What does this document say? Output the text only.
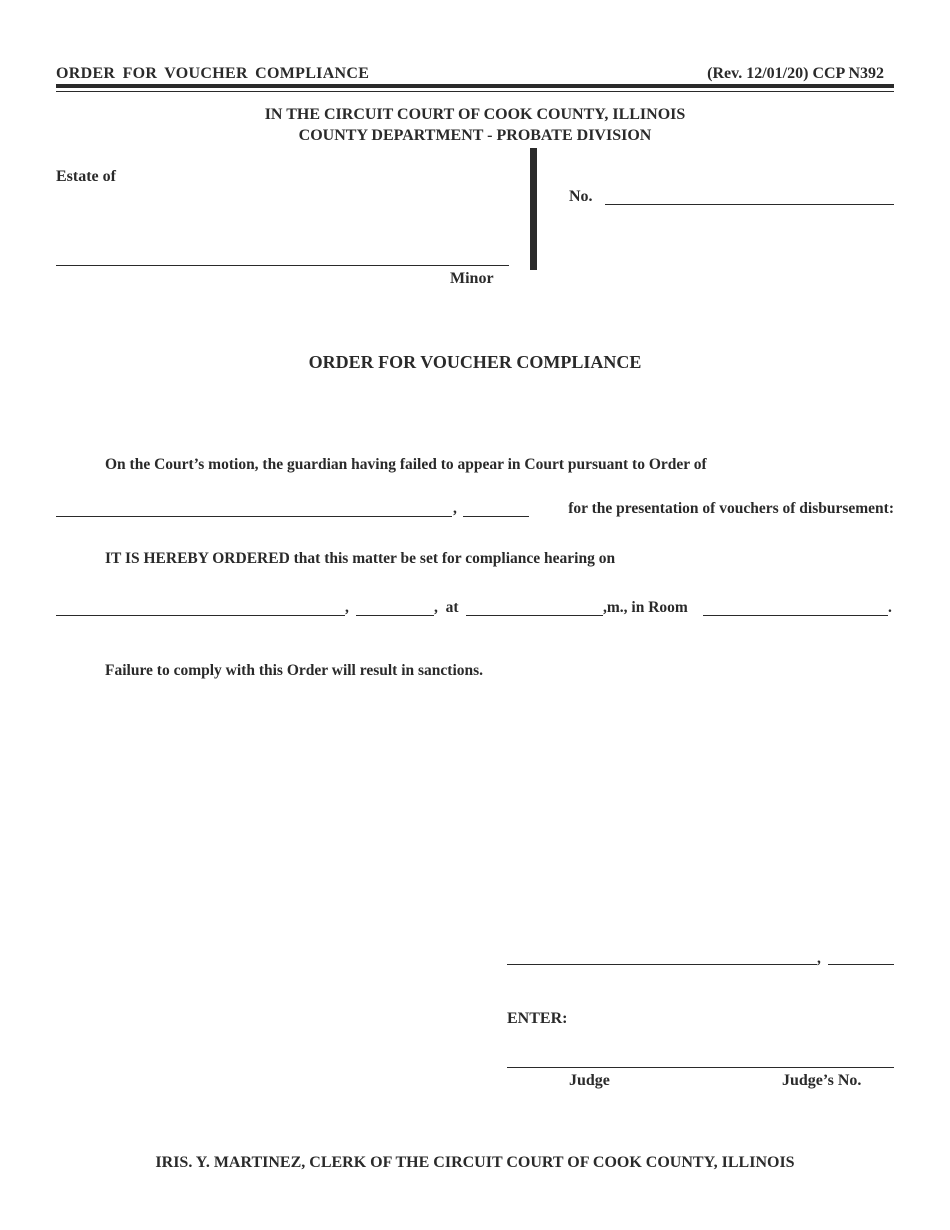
ORDER FOR VOUCHER COMPLIANCE	(Rev. 12/01/20) CCP N392
IN THE CIRCUIT COURT OF COOK COUNTY, ILLINOIS
COUNTY DEPARTMENT - PROBATE DIVISION
Estate of
No.
Minor
ORDER FOR VOUCHER COMPLIANCE
On the Court’s motion, the guardian having failed to appear in Court pursuant to Order of
,	for the presentation of vouchers of disbursement:
IT IS HEREBY ORDERED that this matter be set for compliance hearing on
,	,  at	,m., in Room	.
Failure to comply with this Order will result in sanctions.
,
ENTER:
Judge	Judge’s No.
IRIS. Y. MARTINEZ, CLERK OF THE CIRCUIT COURT OF COOK COUNTY, ILLINOIS
